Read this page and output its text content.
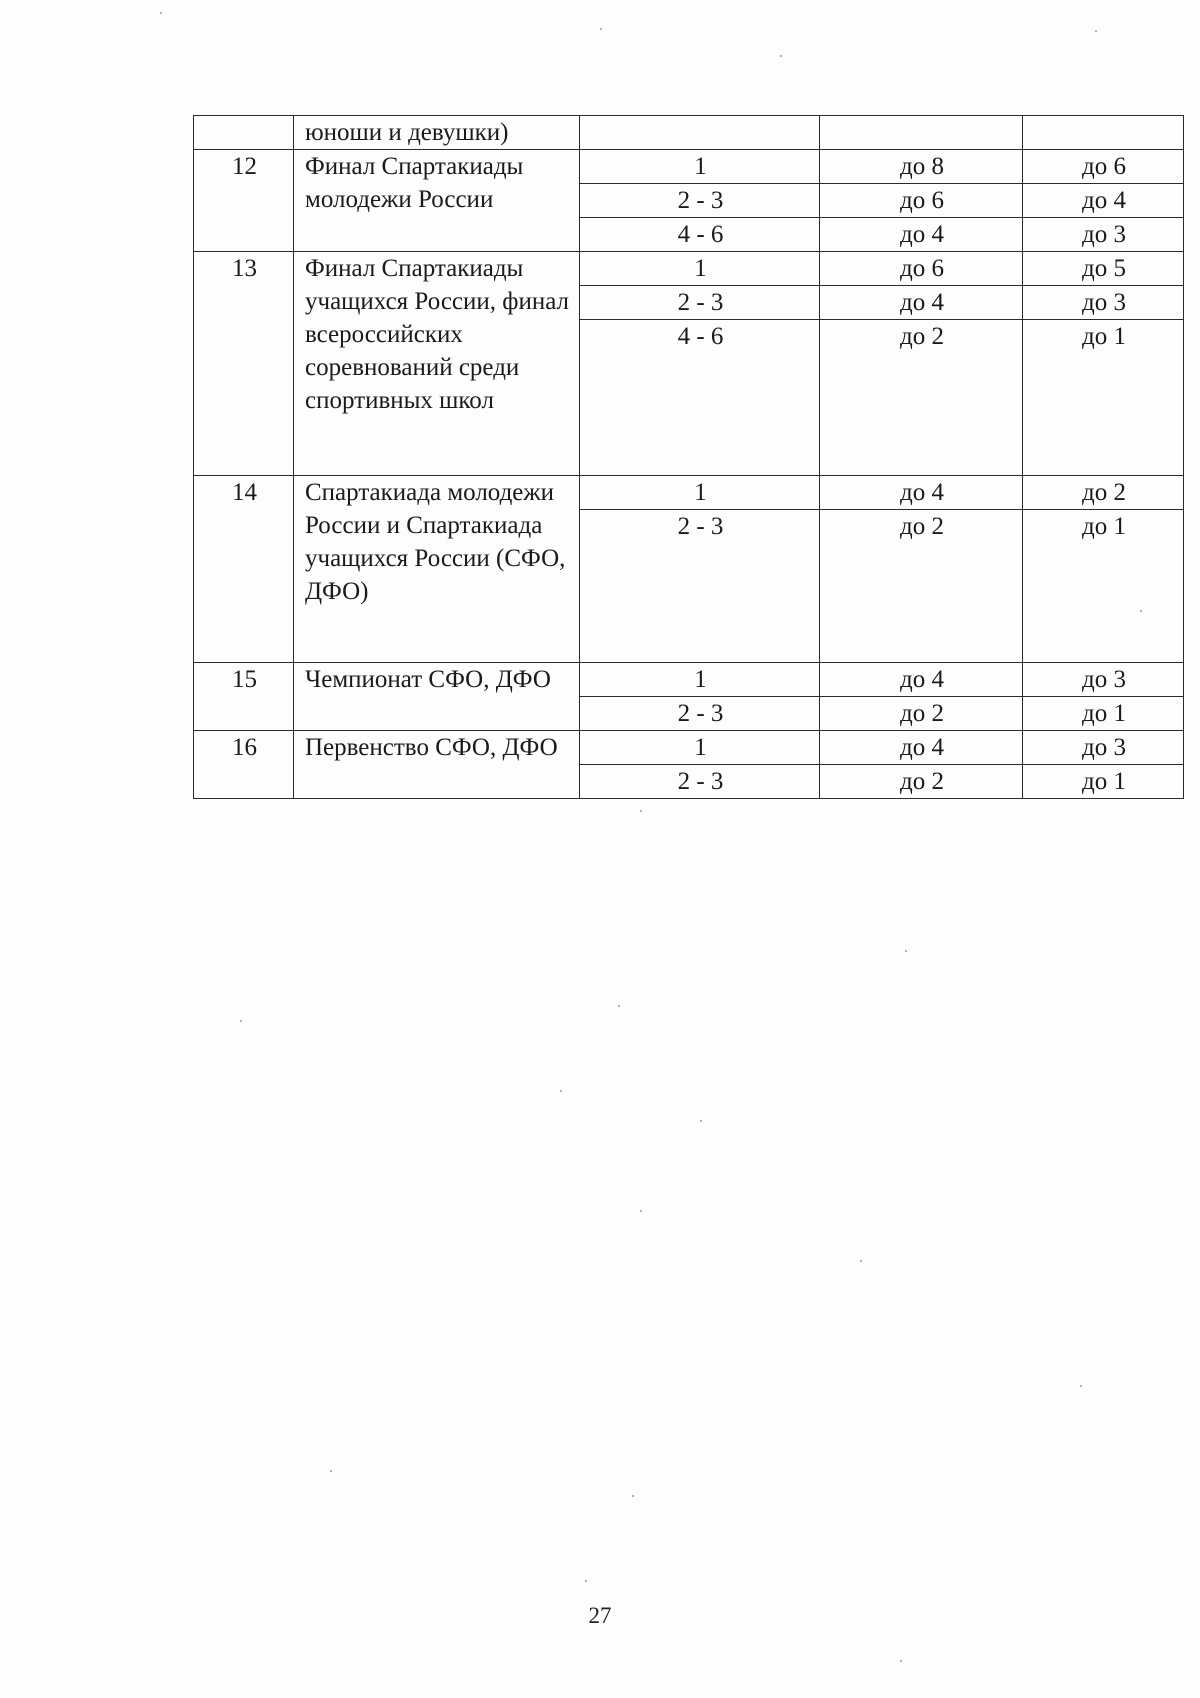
	юноши и девушки)			
12	Финал Спартакиады молодежи России	1	до 8	до 6
		2 - 3	до 6	до 4
		4 - 6	до 4	до 3
13	Финал Спартакиады учащихся России, финал всероссийских соревнований среди спортивных школ	1	до 6	до 5
		2 - 3	до 4	до 3
		4 - 6	до 2	до 1
14	Спартакиада молодежи России и Спартакиада учащихся России (СФО, ДФО)	1	до 4	до 2
		2 - 3	до 2	до 1
15	Чемпионат СФО, ДФО	1	до 4	до 3
		2 - 3	до 2	до 1
16	Первенство СФО, ДФО	1	до 4	до 3
		2 - 3	до 2	до 1
27
